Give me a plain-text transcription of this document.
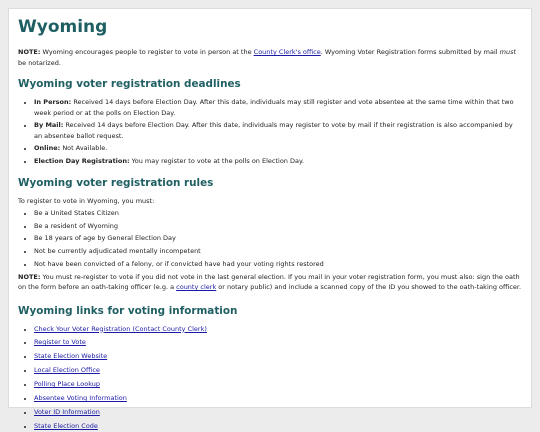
Wyoming

NOTE: Wyoming encourages people to register to vote in person at the County Clerk's office. Wyoming Voter Registration forms submitted by mail must be notarized.

Wyoming voter registration deadlines
• In Person: Received 14 days before Election Day. After this date, individuals may still register and vote absentee at the same time within that two week period or at the polls on Election Day.
• By Mail: Received 14 days before Election Day. After this date, individuals may register to vote by mail if their registration is also accompanied by an absentee ballot request.
• Online: Not Available.
• Election Day Registration: You may register to vote at the polls on Election Day.
Wyoming voter registration rules

To register to vote in Wyoming, you must:

• Be a United States Citizen
• Be a resident of Wyoming
• Be 18 years of age by General Election Day
• Not be currently adjudicated mentally incompetent
• Not have been convicted of a felony, or if convicted have had your voting rights restored

NOTE: You must re-register to vote if you did not vote in the last general election. If you mail in your voter registration form, you must also: sign the oath on the form before an oath-taking officer (e.g. a county clerk or notary public) and include a scanned copy of the ID you showed to the oath-taking officer.

Wyoming links for voting information
• Check Your Voter Registration (Contact County Clerk)
• Register to Vote
• State Election Website
• Local Election Office
• Polling Place Lookup
• Absentee Voting Information
• Voter ID Information
• State Election Code
